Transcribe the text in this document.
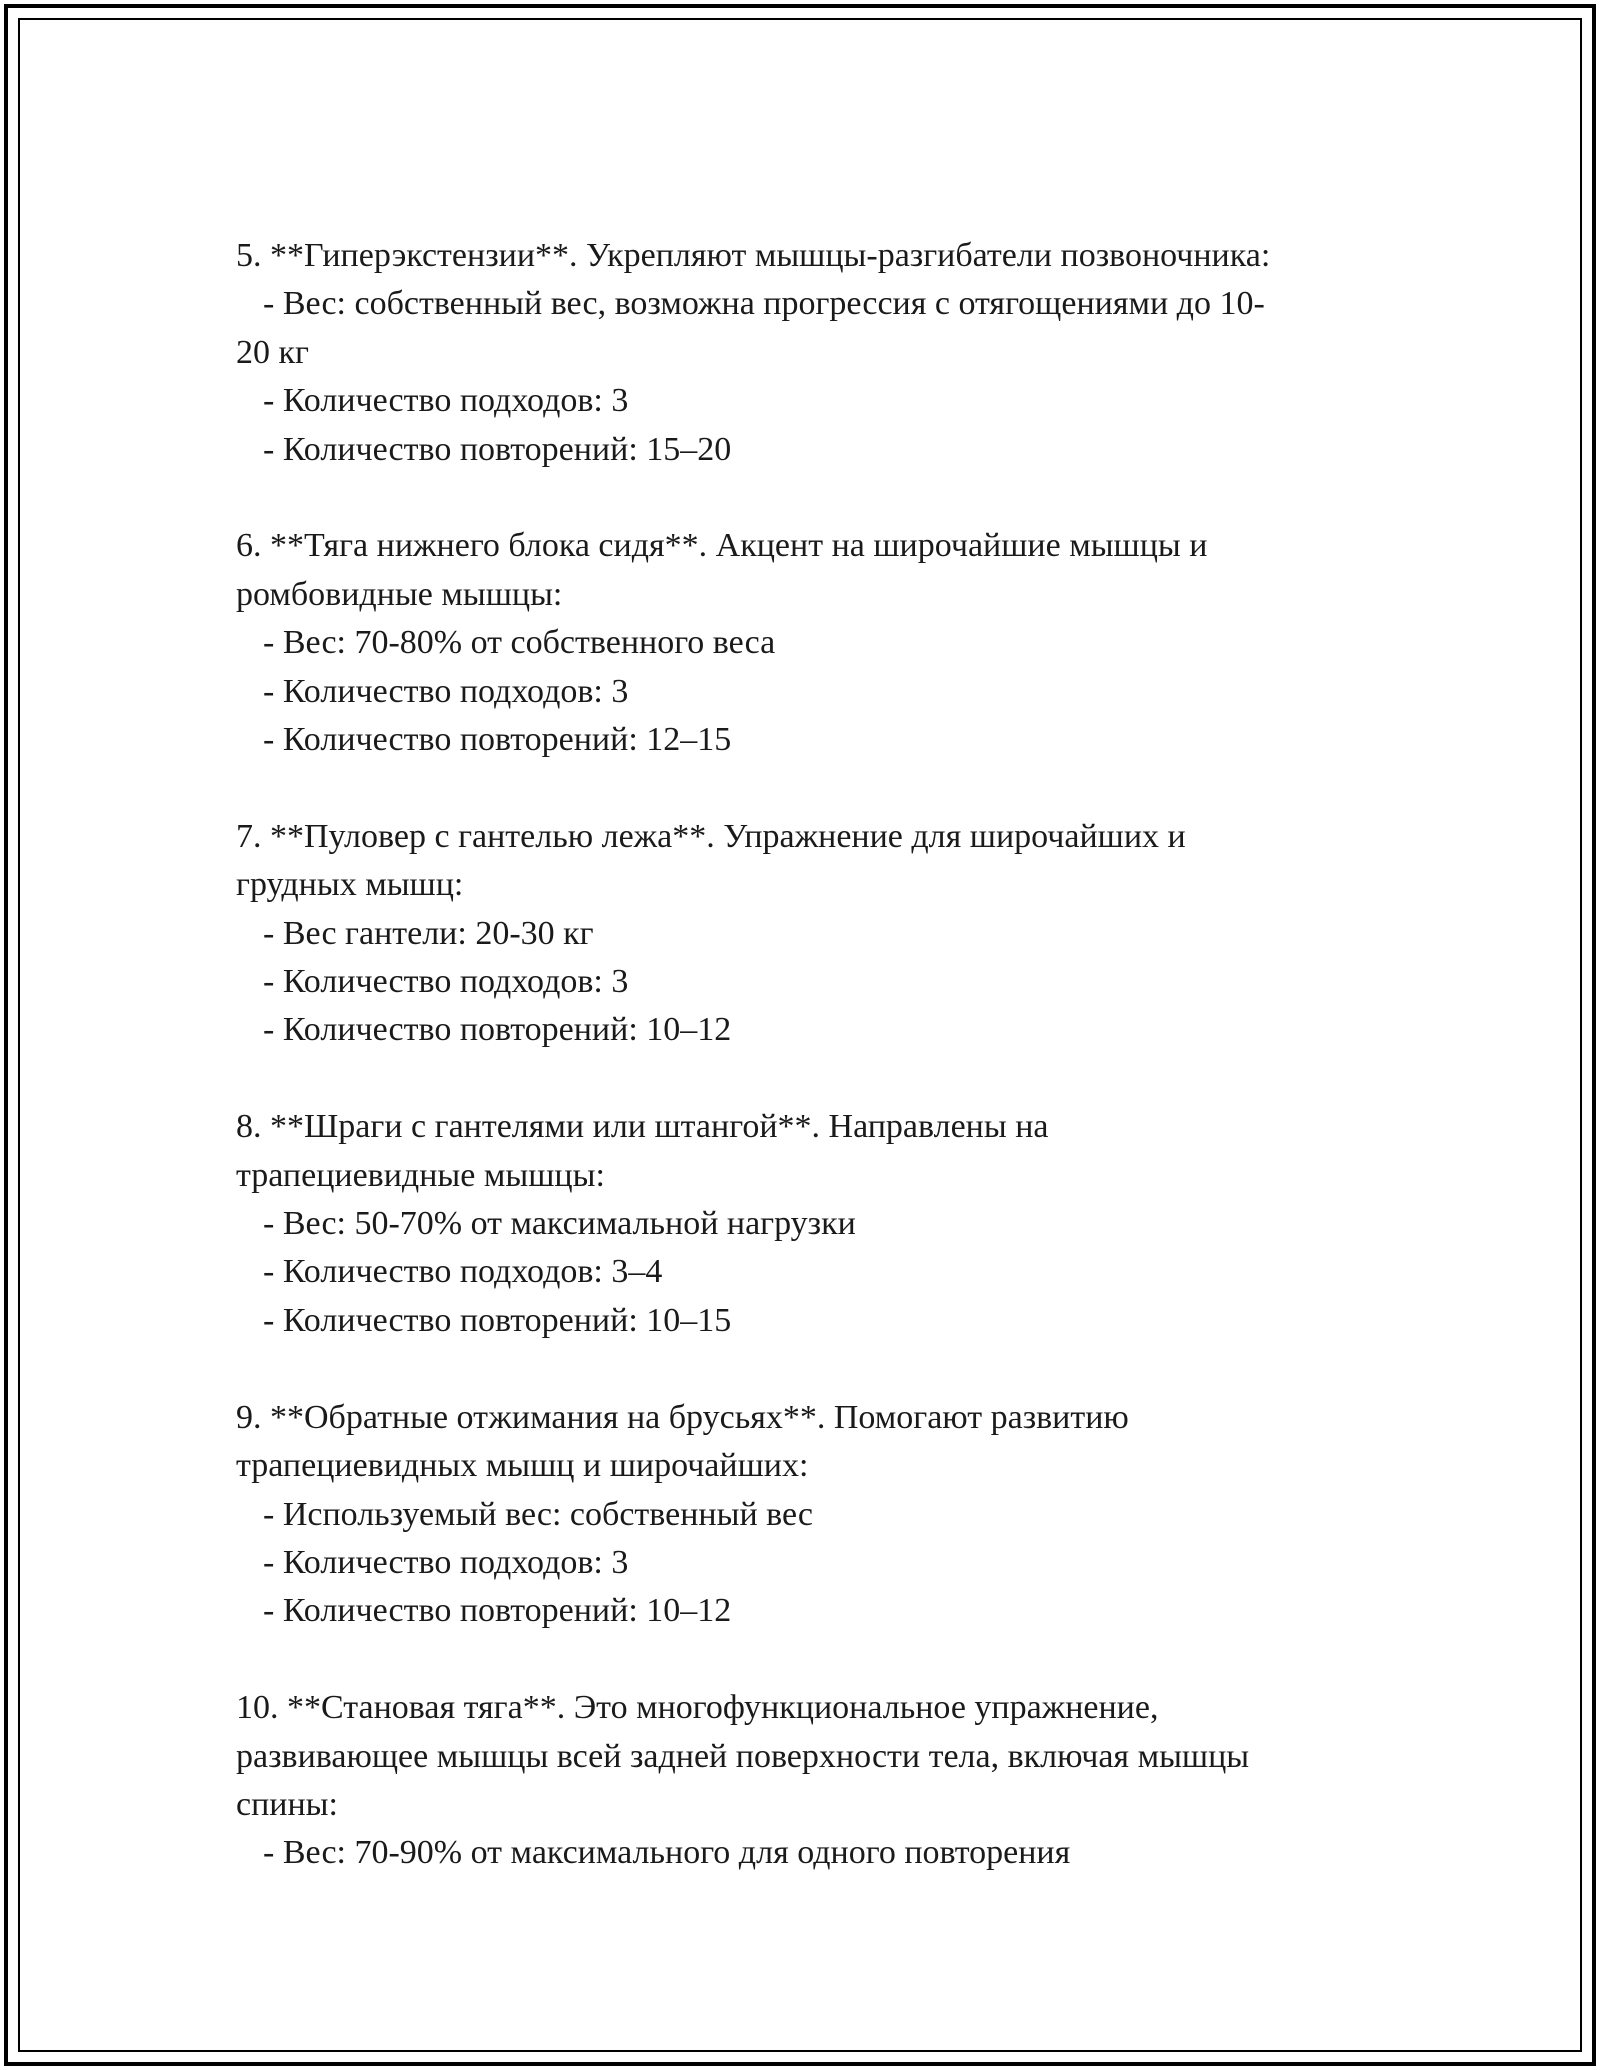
5. **Гиперэкстензии**. Укрепляют мышцы-разгибатели позвоночника:

- Вес: собственный вес, возможна прогрессия с отягощениями до 10-

20 кг

- Количество подходов: 3

- Количество повторений: 15–20

6. **Тяга нижнего блока сидя**. Акцент на широчайшие мышцы и
ромбовидные мышцы:

- Вес: 70-80% от собственного веса

- Количество подходов: 3

- Количество повторений: 12–15

7. **Пуловер с гантелью лежа**. Упражнение для широчайших и
грудных мышц:

- Вес гантели: 20-30 кг

- Количество подходов: 3

- Количество повторений: 10–12

8. **Шраги с гантелями или штангой**. Направлены на
трапециевидные мышцы:

- Вес: 50-70% от максимальной нагрузки

- Количество подходов: 3–4

- Количество повторений: 10–15

9. **Обратные отжимания на брусьях**. Помогают развитию
трапециевидных мышц и широчайших:

- Используемый вес: собственный вес

- Количество подходов: 3

- Количество повторений: 10–12

10. **Становая тяга**. Это многофункциональное упражнение,
развивающее мышцы всей задней поверхности тела, включая мышцы
спины:

- Вес: 70-90% от максимального для одного повторения
